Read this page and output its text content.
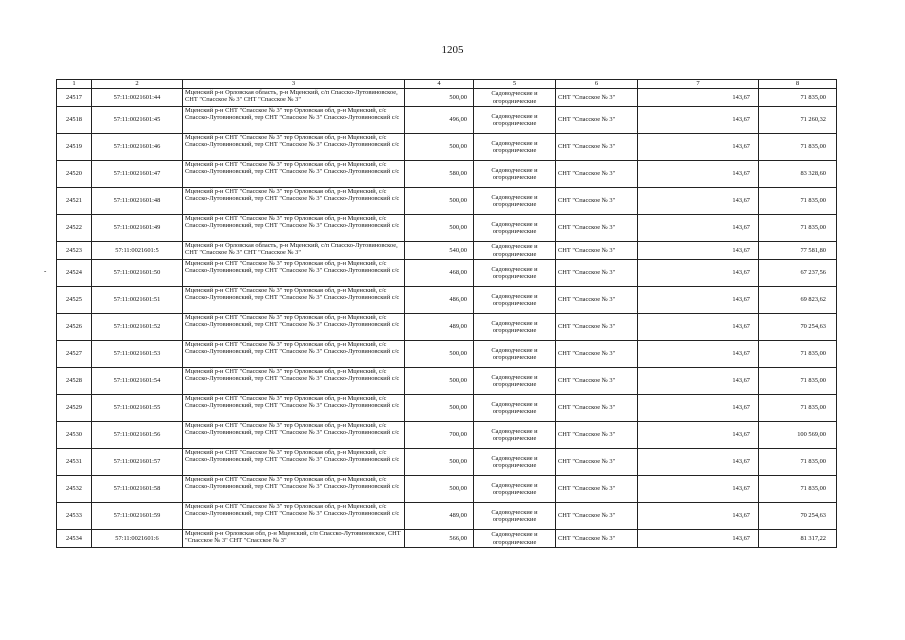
1205
-
1	2	3	4	5	6	7	8
24517	57:11:0021601:44	Мценский р-н Орловская область, р-н Мценский, с/п Спасско-Лутовиновское, СНТ "Спасское № 3" СНТ "Спасское № 3"	500,00	Садоводческие и огороднические	СНТ "Спасское № 3"	143,67	71 835,00
24518	57:11:0021601:45	Мценский р-н СНТ "Спасское № 3" тер Орловская обл, р-н Мценский, с/с Спасско-Лутовиновский, тер СНТ "Спасское № 3" Спасско-Лутовиновский с/с	496,00	Садоводческие и огороднические	СНТ "Спасское № 3"	143,67	71 260,32
24519	57:11:0021601:46	Мценский р-н СНТ "Спасское № 3" тер Орловская обл, р-н Мценский, с/с Спасско-Лутовиновский, тер СНТ "Спасское № 3" Спасско-Лутовиновский с/с	500,00	Садоводческие и огороднические	СНТ "Спасское № 3"	143,67	71 835,00
24520	57:11:0021601:47	Мценский р-н СНТ "Спасское № 3" тер Орловская обл, р-н Мценский, с/с Спасско-Лутовиновский, тер СНТ "Спасское № 3" Спасско-Лутовиновский с/с	580,00	Садоводческие и огороднические	СНТ "Спасское № 3"	143,67	83 328,60
24521	57:11:0021601:48	Мценский р-н СНТ "Спасское № 3" тер Орловская обл, р-н Мценский, с/с Спасско-Лутовиновский, тер СНТ "Спасское № 3" Спасско-Лутовиновский с/с	500,00	Садоводческие и огороднические	СНТ "Спасское № 3"	143,67	71 835,00
24522	57:11:0021601:49	Мценский р-н СНТ "Спасское № 3" тер Орловская обл, р-н Мценский, с/с Спасско-Лутовиновский, тер СНТ "Спасское № 3" Спасско-Лутовиновский с/с	500,00	Садоводческие и огороднические	СНТ "Спасское № 3"	143,67	71 835,00
24523	57:11:0021601:5	Мценский р-н Орловская область, р-н Мценский, с/п Спасско-Лутовиновское, СНТ "Спасское № 3" СНТ "Спасское № 3"	540,00	Садоводческие и огороднические	СНТ "Спасское № 3"	143,67	77 581,80
24524	57:11:0021601:50	Мценский р-н СНТ "Спасское № 3" тер Орловская обл, р-н Мценский, с/с Спасско-Лутовиновский, тер СНТ "Спасское № 3" Спасско-Лутовиновский с/с	468,00	Садоводческие и огороднические	СНТ "Спасское № 3"	143,67	67 237,56
24525	57:11:0021601:51	Мценский р-н СНТ "Спасское № 3" тер Орловская обл, р-н Мценский, с/с Спасско-Лутовиновский, тер СНТ "Спасское № 3" Спасско-Лутовиновский с/с	486,00	Садоводческие и огороднические	СНТ "Спасское № 3"	143,67	69 823,62
24526	57:11:0021601:52	Мценский р-н СНТ "Спасское № 3" тер Орловская обл, р-н Мценский, с/с Спасско-Лутовиновский, тер СНТ "Спасское № 3" Спасско-Лутовиновский с/с	489,00	Садоводческие и огороднические	СНТ "Спасское № 3"	143,67	70 254,63
24527	57:11:0021601:53	Мценский р-н СНТ "Спасское № 3" тер Орловская обл, р-н Мценский, с/с Спасско-Лутовиновский, тер СНТ "Спасское № 3" Спасско-Лутовиновский с/с	500,00	Садоводческие и огороднические	СНТ "Спасское № 3"	143,67	71 835,00
24528	57:11:0021601:54	Мценский р-н СНТ "Спасское № 3" тер Орловская обл, р-н Мценский, с/с Спасско-Лутовиновский, тер СНТ "Спасское № 3" Спасско-Лутовиновский с/с	500,00	Садоводческие и огороднические	СНТ "Спасское № 3"	143,67	71 835,00
24529	57:11:0021601:55	Мценский р-н СНТ "Спасское № 3" тер Орловская обл, р-н Мценский, с/с Спасско-Лутовиновский, тер СНТ "Спасское № 3" Спасско-Лутовиновский с/с	500,00	Садоводческие и огороднические	СНТ "Спасское № 3"	143,67	71 835,00
24530	57:11:0021601:56	Мценский р-н СНТ "Спасское № 3" тер Орловская обл, р-н Мценский, с/с Спасско-Лутовиновский, тер СНТ "Спасское № 3" Спасско-Лутовиновский с/с	700,00	Садоводческие и огороднические	СНТ "Спасское № 3"	143,67	100 569,00
24531	57:11:0021601:57	Мценский р-н СНТ "Спасское № 3" тер Орловская обл, р-н Мценский, с/с Спасско-Лутовиновский, тер СНТ "Спасское № 3" Спасско-Лутовиновский с/с	500,00	Садоводческие и огороднические	СНТ "Спасское № 3"	143,67	71 835,00
24532	57:11:0021601:58	Мценский р-н СНТ "Спасское № 3" тер Орловская обл, р-н Мценский, с/с Спасско-Лутовиновский, тер СНТ "Спасское № 3" Спасско-Лутовиновский с/с	500,00	Садоводческие и огороднические	СНТ "Спасское № 3"	143,67	71 835,00
24533	57:11:0021601:59	Мценский р-н СНТ "Спасское № 3" тер Орловская обл, р-н Мценский, с/с Спасско-Лутовиновский, тер СНТ "Спасское № 3" Спасско-Лутовиновский с/с	489,00	Садоводческие и огороднические	СНТ "Спасское № 3"	143,67	70 254,63
24534	57:11:0021601:6	Мценский р-н Орловская обл, р-н Мценский, с/п Спасско-Лутовиновское, СНТ "Спасское № 3" СНТ "Спасское № 3"	566,00	Садоводческие и огороднические	СНТ "Спасское № 3"	143,67	81 317,22
